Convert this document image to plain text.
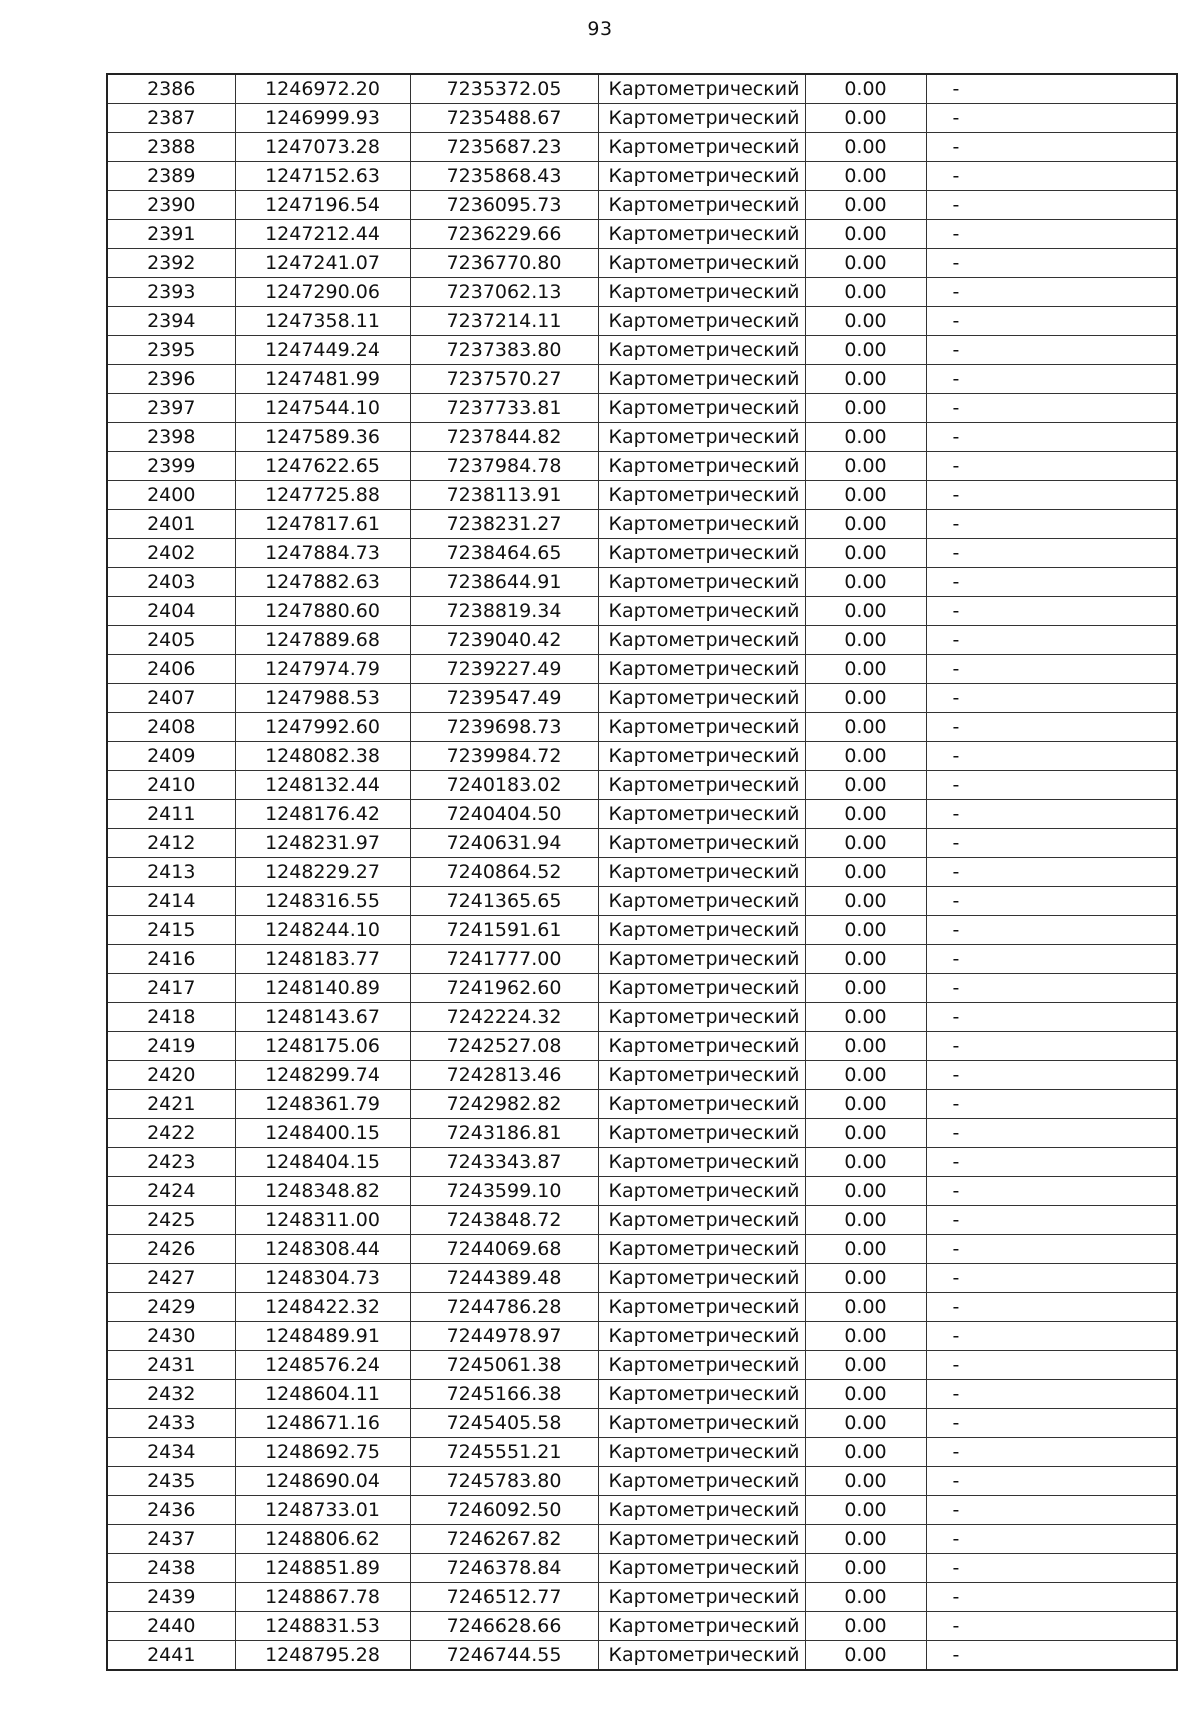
93
2386	1246972.20	7235372.05	Картометрический	0.00	-
2387	1246999.93	7235488.67	Картометрический	0.00	-
2388	1247073.28	7235687.23	Картометрический	0.00	-
2389	1247152.63	7235868.43	Картометрический	0.00	-
2390	1247196.54	7236095.73	Картометрический	0.00	-
2391	1247212.44	7236229.66	Картометрический	0.00	-
2392	1247241.07	7236770.80	Картометрический	0.00	-
2393	1247290.06	7237062.13	Картометрический	0.00	-
2394	1247358.11	7237214.11	Картометрический	0.00	-
2395	1247449.24	7237383.80	Картометрический	0.00	-
2396	1247481.99	7237570.27	Картометрический	0.00	-
2397	1247544.10	7237733.81	Картометрический	0.00	-
2398	1247589.36	7237844.82	Картометрический	0.00	-
2399	1247622.65	7237984.78	Картометрический	0.00	-
2400	1247725.88	7238113.91	Картометрический	0.00	-
2401	1247817.61	7238231.27	Картометрический	0.00	-
2402	1247884.73	7238464.65	Картометрический	0.00	-
2403	1247882.63	7238644.91	Картометрический	0.00	-
2404	1247880.60	7238819.34	Картометрический	0.00	-
2405	1247889.68	7239040.42	Картометрический	0.00	-
2406	1247974.79	7239227.49	Картометрический	0.00	-
2407	1247988.53	7239547.49	Картометрический	0.00	-
2408	1247992.60	7239698.73	Картометрический	0.00	-
2409	1248082.38	7239984.72	Картометрический	0.00	-
2410	1248132.44	7240183.02	Картометрический	0.00	-
2411	1248176.42	7240404.50	Картометрический	0.00	-
2412	1248231.97	7240631.94	Картометрический	0.00	-
2413	1248229.27	7240864.52	Картометрический	0.00	-
2414	1248316.55	7241365.65	Картометрический	0.00	-
2415	1248244.10	7241591.61	Картометрический	0.00	-
2416	1248183.77	7241777.00	Картометрический	0.00	-
2417	1248140.89	7241962.60	Картометрический	0.00	-
2418	1248143.67	7242224.32	Картометрический	0.00	-
2419	1248175.06	7242527.08	Картометрический	0.00	-
2420	1248299.74	7242813.46	Картометрический	0.00	-
2421	1248361.79	7242982.82	Картометрический	0.00	-
2422	1248400.15	7243186.81	Картометрический	0.00	-
2423	1248404.15	7243343.87	Картометрический	0.00	-
2424	1248348.82	7243599.10	Картометрический	0.00	-
2425	1248311.00	7243848.72	Картометрический	0.00	-
2426	1248308.44	7244069.68	Картометрический	0.00	-
2427	1248304.73	7244389.48	Картометрический	0.00	-
2429	1248422.32	7244786.28	Картометрический	0.00	-
2430	1248489.91	7244978.97	Картометрический	0.00	-
2431	1248576.24	7245061.38	Картометрический	0.00	-
2432	1248604.11	7245166.38	Картометрический	0.00	-
2433	1248671.16	7245405.58	Картометрический	0.00	-
2434	1248692.75	7245551.21	Картометрический	0.00	-
2435	1248690.04	7245783.80	Картометрический	0.00	-
2436	1248733.01	7246092.50	Картометрический	0.00	-
2437	1248806.62	7246267.82	Картометрический	0.00	-
2438	1248851.89	7246378.84	Картометрический	0.00	-
2439	1248867.78	7246512.77	Картометрический	0.00	-
2440	1248831.53	7246628.66	Картометрический	0.00	-
2441	1248795.28	7246744.55	Картометрический	0.00	-
